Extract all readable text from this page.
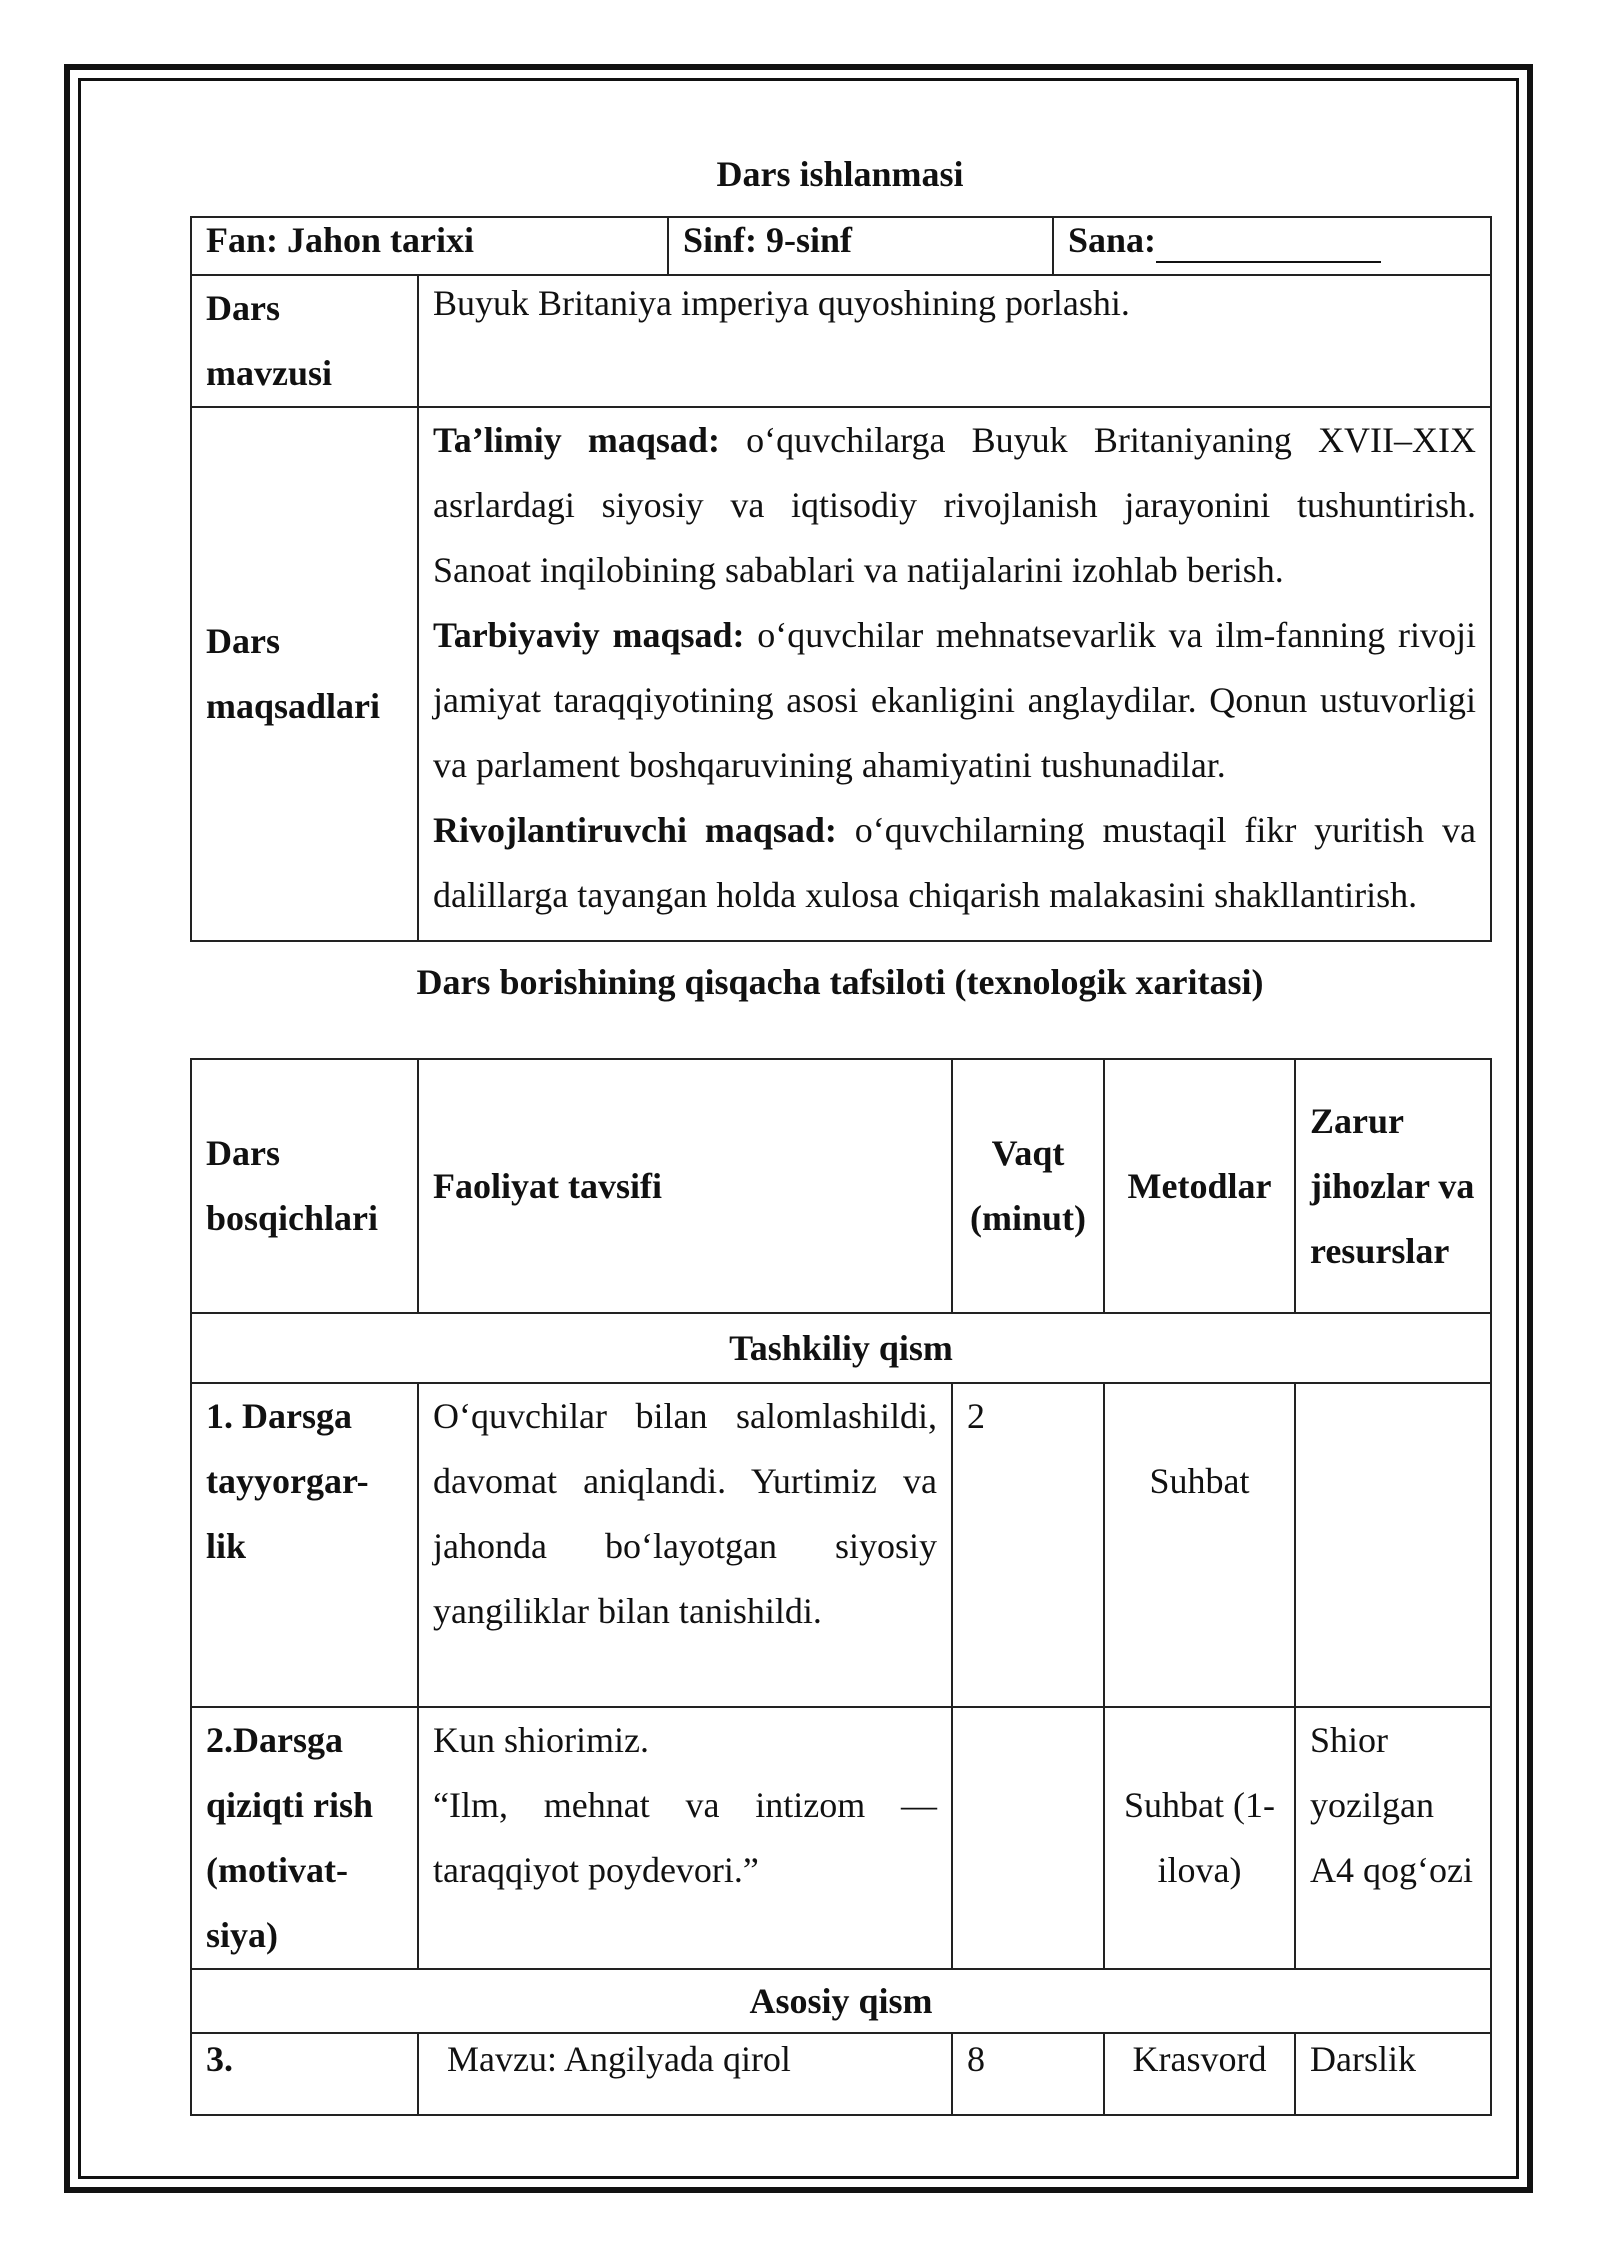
Dars ishlanmasi
Fan: Jahon tarixi		Sinf: 9-sinf	Sana:
Dars mavzusi	Buyuk Britaniya imperiya quyoshining porlashi.		
Dars maqsadlari	Ta’limiy maqsad: o‘quvchilarga Buyuk Britaniyaning XVII–XIX asrlardagi siyosiy va iqtisodiy rivojlanish jarayonini tushuntirish. Sanoat inqilobining sabablari va natijalarini izohlab berish.
Tarbiyaviy maqsad: o‘quvchilar mehnatsevarlik va ilm-fanning rivoji jamiyat taraqqiyotining asosi ekanligini anglaydilar. Qonun ustuvorligi va parlament boshqaruvining ahamiyatini tushunadilar.
Rivojlantiruvchi maqsad: o‘quvchilarning mustaqil fikr yuritish va dalillarga tayangan holda xulosa chiqarish malakasini shakllantirish.		
Dars borishining qisqacha tafsiloti (texnologik xaritasi)
Dars bosqichlari	Faoliyat tavsifi	Vaqt (minut)	Metodlar	Zarur jihozlar va resurslar
Tashkiliy qism				
1. Darsga tayyorgar-lik	O‘quvchilar bilan salomlashildi, davomat aniqlandi. Yurtimiz va jahonda bo‘layotgan siyosiy yangiliklar bilan tanishildi.	2	Suhbat	

2.Darsga qiziqti rish (motivat-siya)	Kun shiorimiz.
“Ilm, mehnat va intizom — taraqqiyot poydevori.”		Suhbat (1-ilova)	Shior yozilgan A4 qog‘ozi
Asosiy qism				
3.	Mavzu: Angilyada qirol	8	Krasvord	Darslik
